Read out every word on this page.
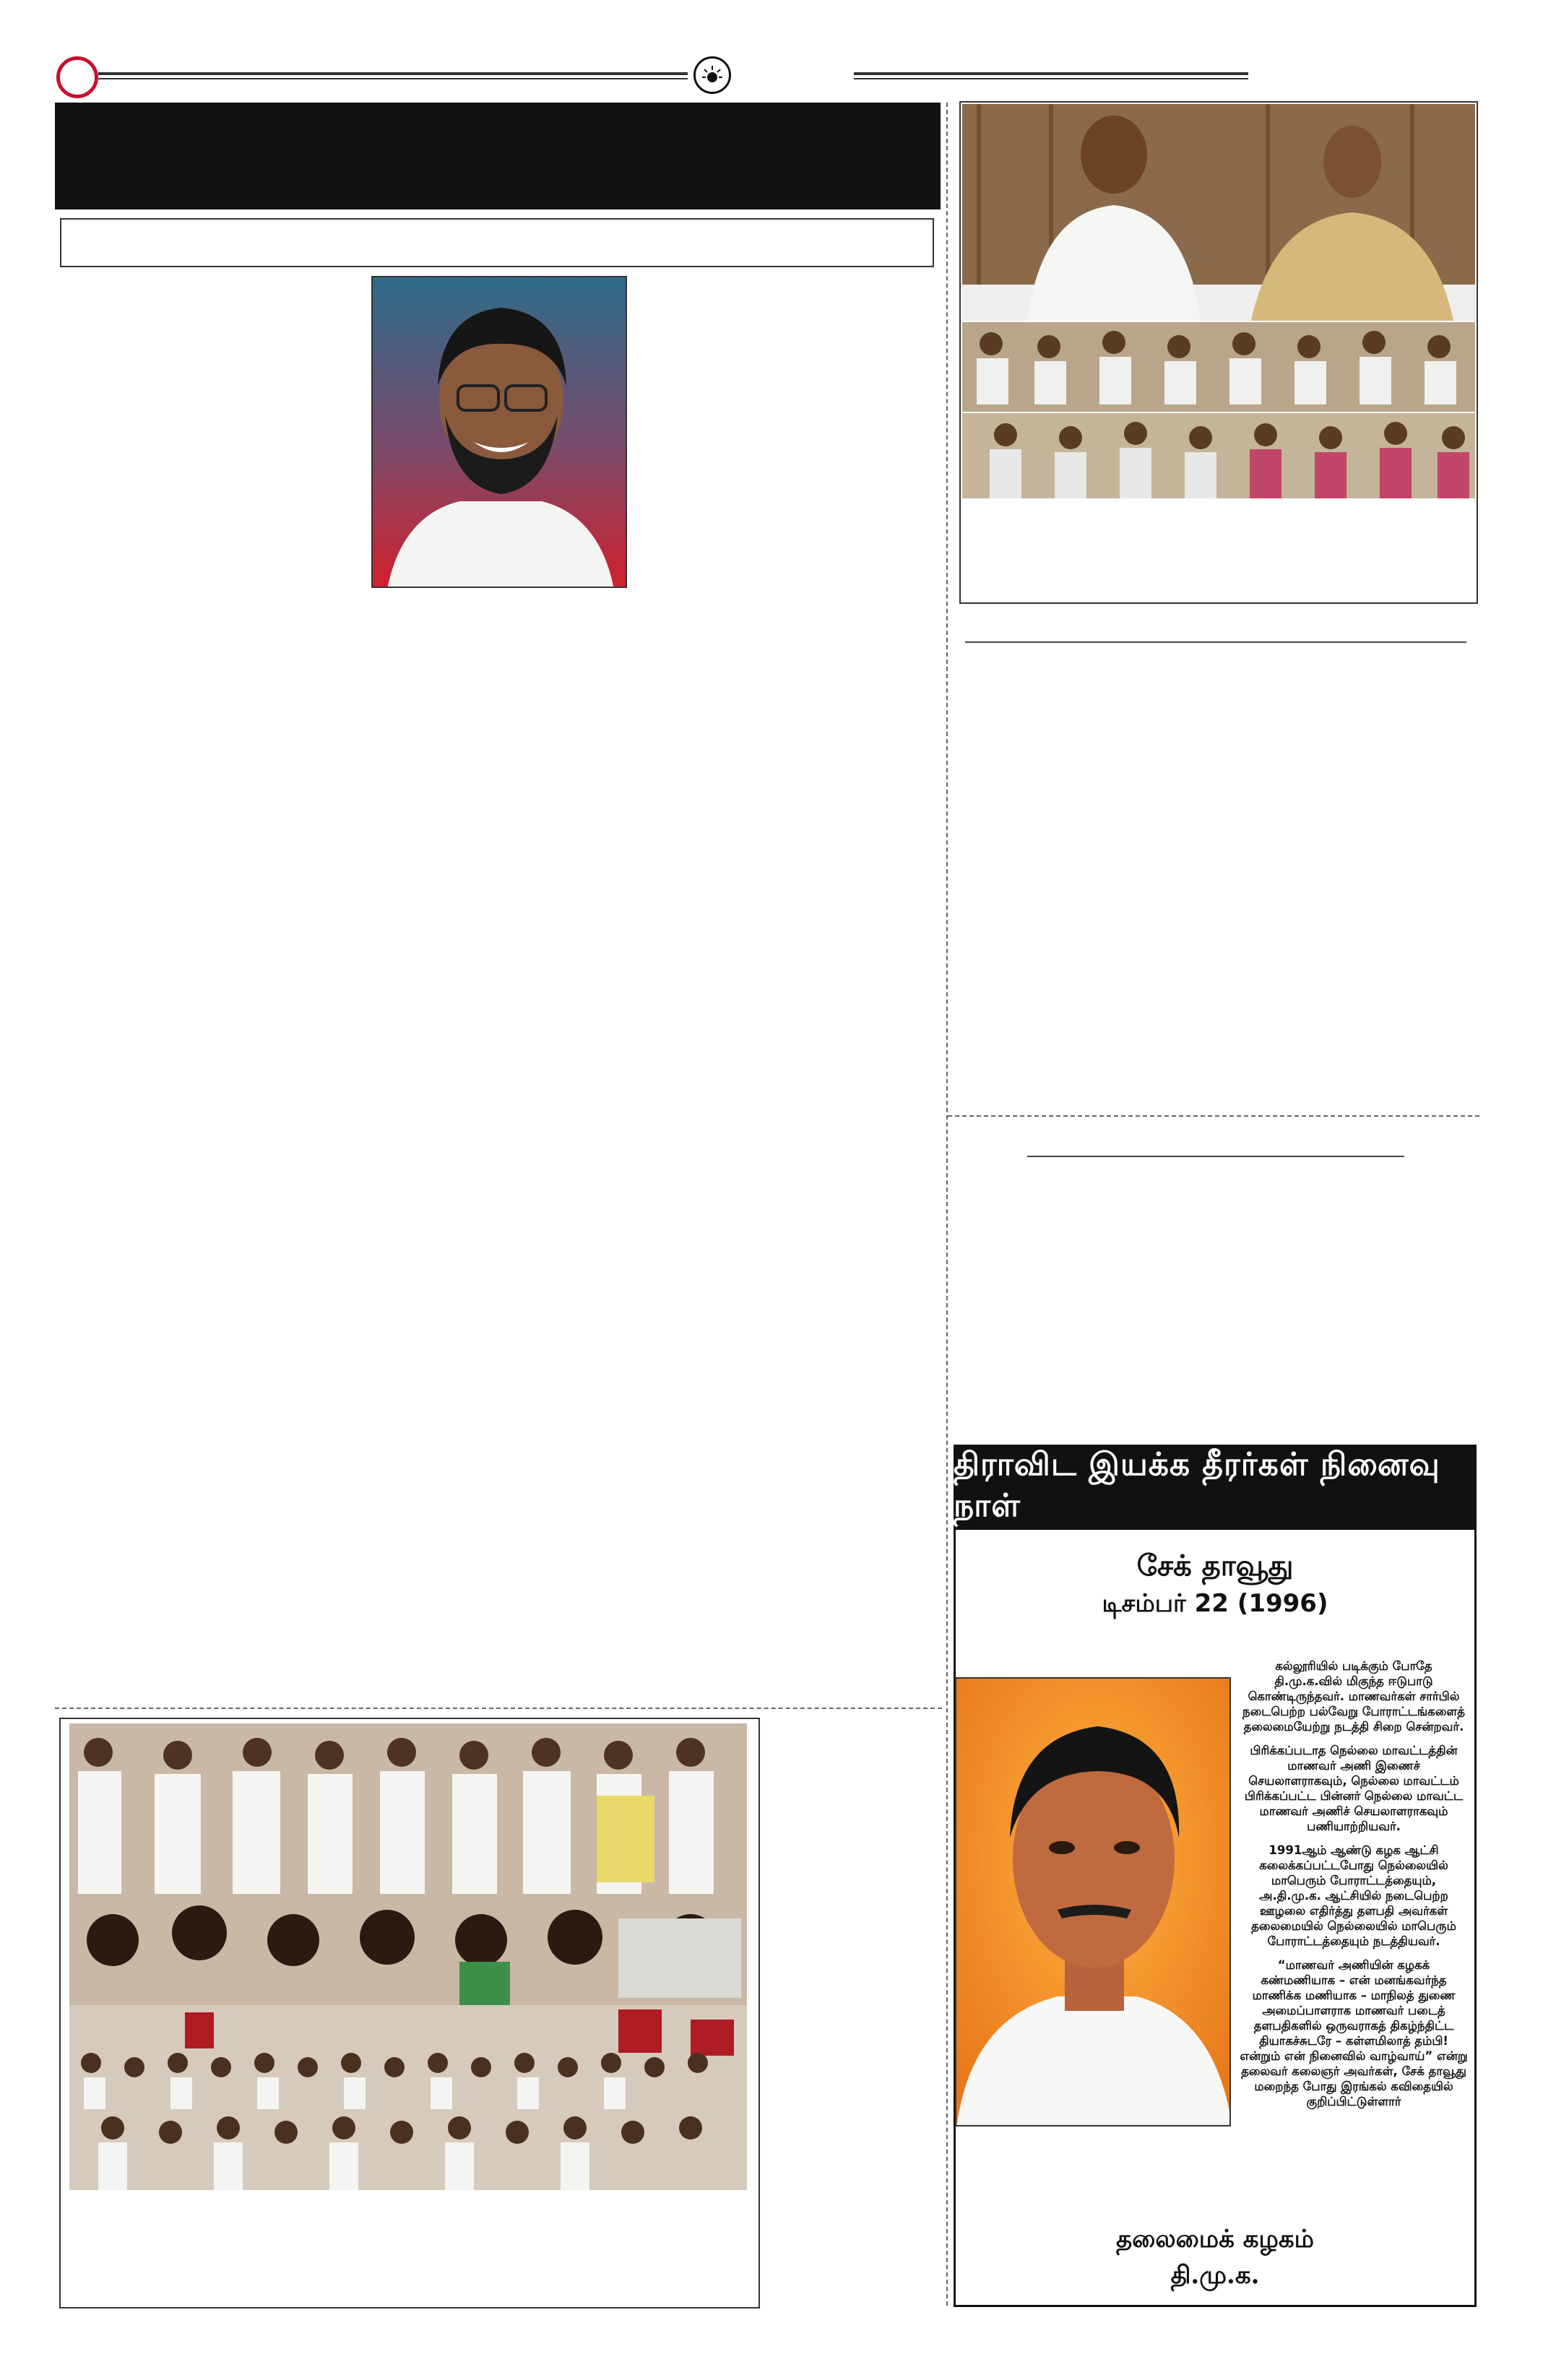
திராவிட இயக்க தீரர்கள் நினைவு நாள்
சேக் தாவூது
டிசம்பர் 22 (1996)

கல்லூரியில் படிக்கும் போதே தி.மு.க.வில் மிகுந்த ஈடுபாடு கொண்டிருந்தவர். மாணவர்கள் சார்பில் நடைபெற்ற பல்வேறு போராட்டங்களைத் தலைமையேற்று நடத்தி சிறை சென்றவர்.

பிரிக்கப்படாத நெல்லை மாவட்டத்தின் மாணவர் அணி இணைச் செயலாளராகவும், நெல்லை மாவட்டம் பிரிக்கப்பட்ட பின்னர் நெல்லை மாவட்ட மாணவர் அணிச் செயலாளராகவும் பணியாற்றியவர்.

1991ஆம் ஆண்டு கழக ஆட்சி கலைக்கப்பட்டபோது நெல்லையில் மாபெரும் போராட்டத்தையும், அ.தி.மு.க. ஆட்சியில் நடைபெற்ற ஊழலை எதிர்த்து தளபதி அவர்கள் தலைமையில் நெல்லையில் மாபெரும் போராட்டத்தையும் நடத்தியவர்.

“மாணவர் அணியின் கழகக் கண்மணியாக – என் மனங்கவர்ந்த மாணிக்க மணியாக – மாநிலத் துணை அமைப்பாளராக மாணவர் படைத் தளபதிகளில் ஒருவராகத் திகழ்ந்திட்ட தியாகச்சுடரே – கள்ளமிலாத் தம்பி! என்றும் என் நினைவில் வாழ்வாய்” என்று தலைவர் கலைஞர் அவர்கள், சேக் தாவூது மறைந்த போது இரங்கல் கவிதையில் குறிப்பிட்டுள்ளார்

தலைமைக் கழகம்
தி.மு.க.
